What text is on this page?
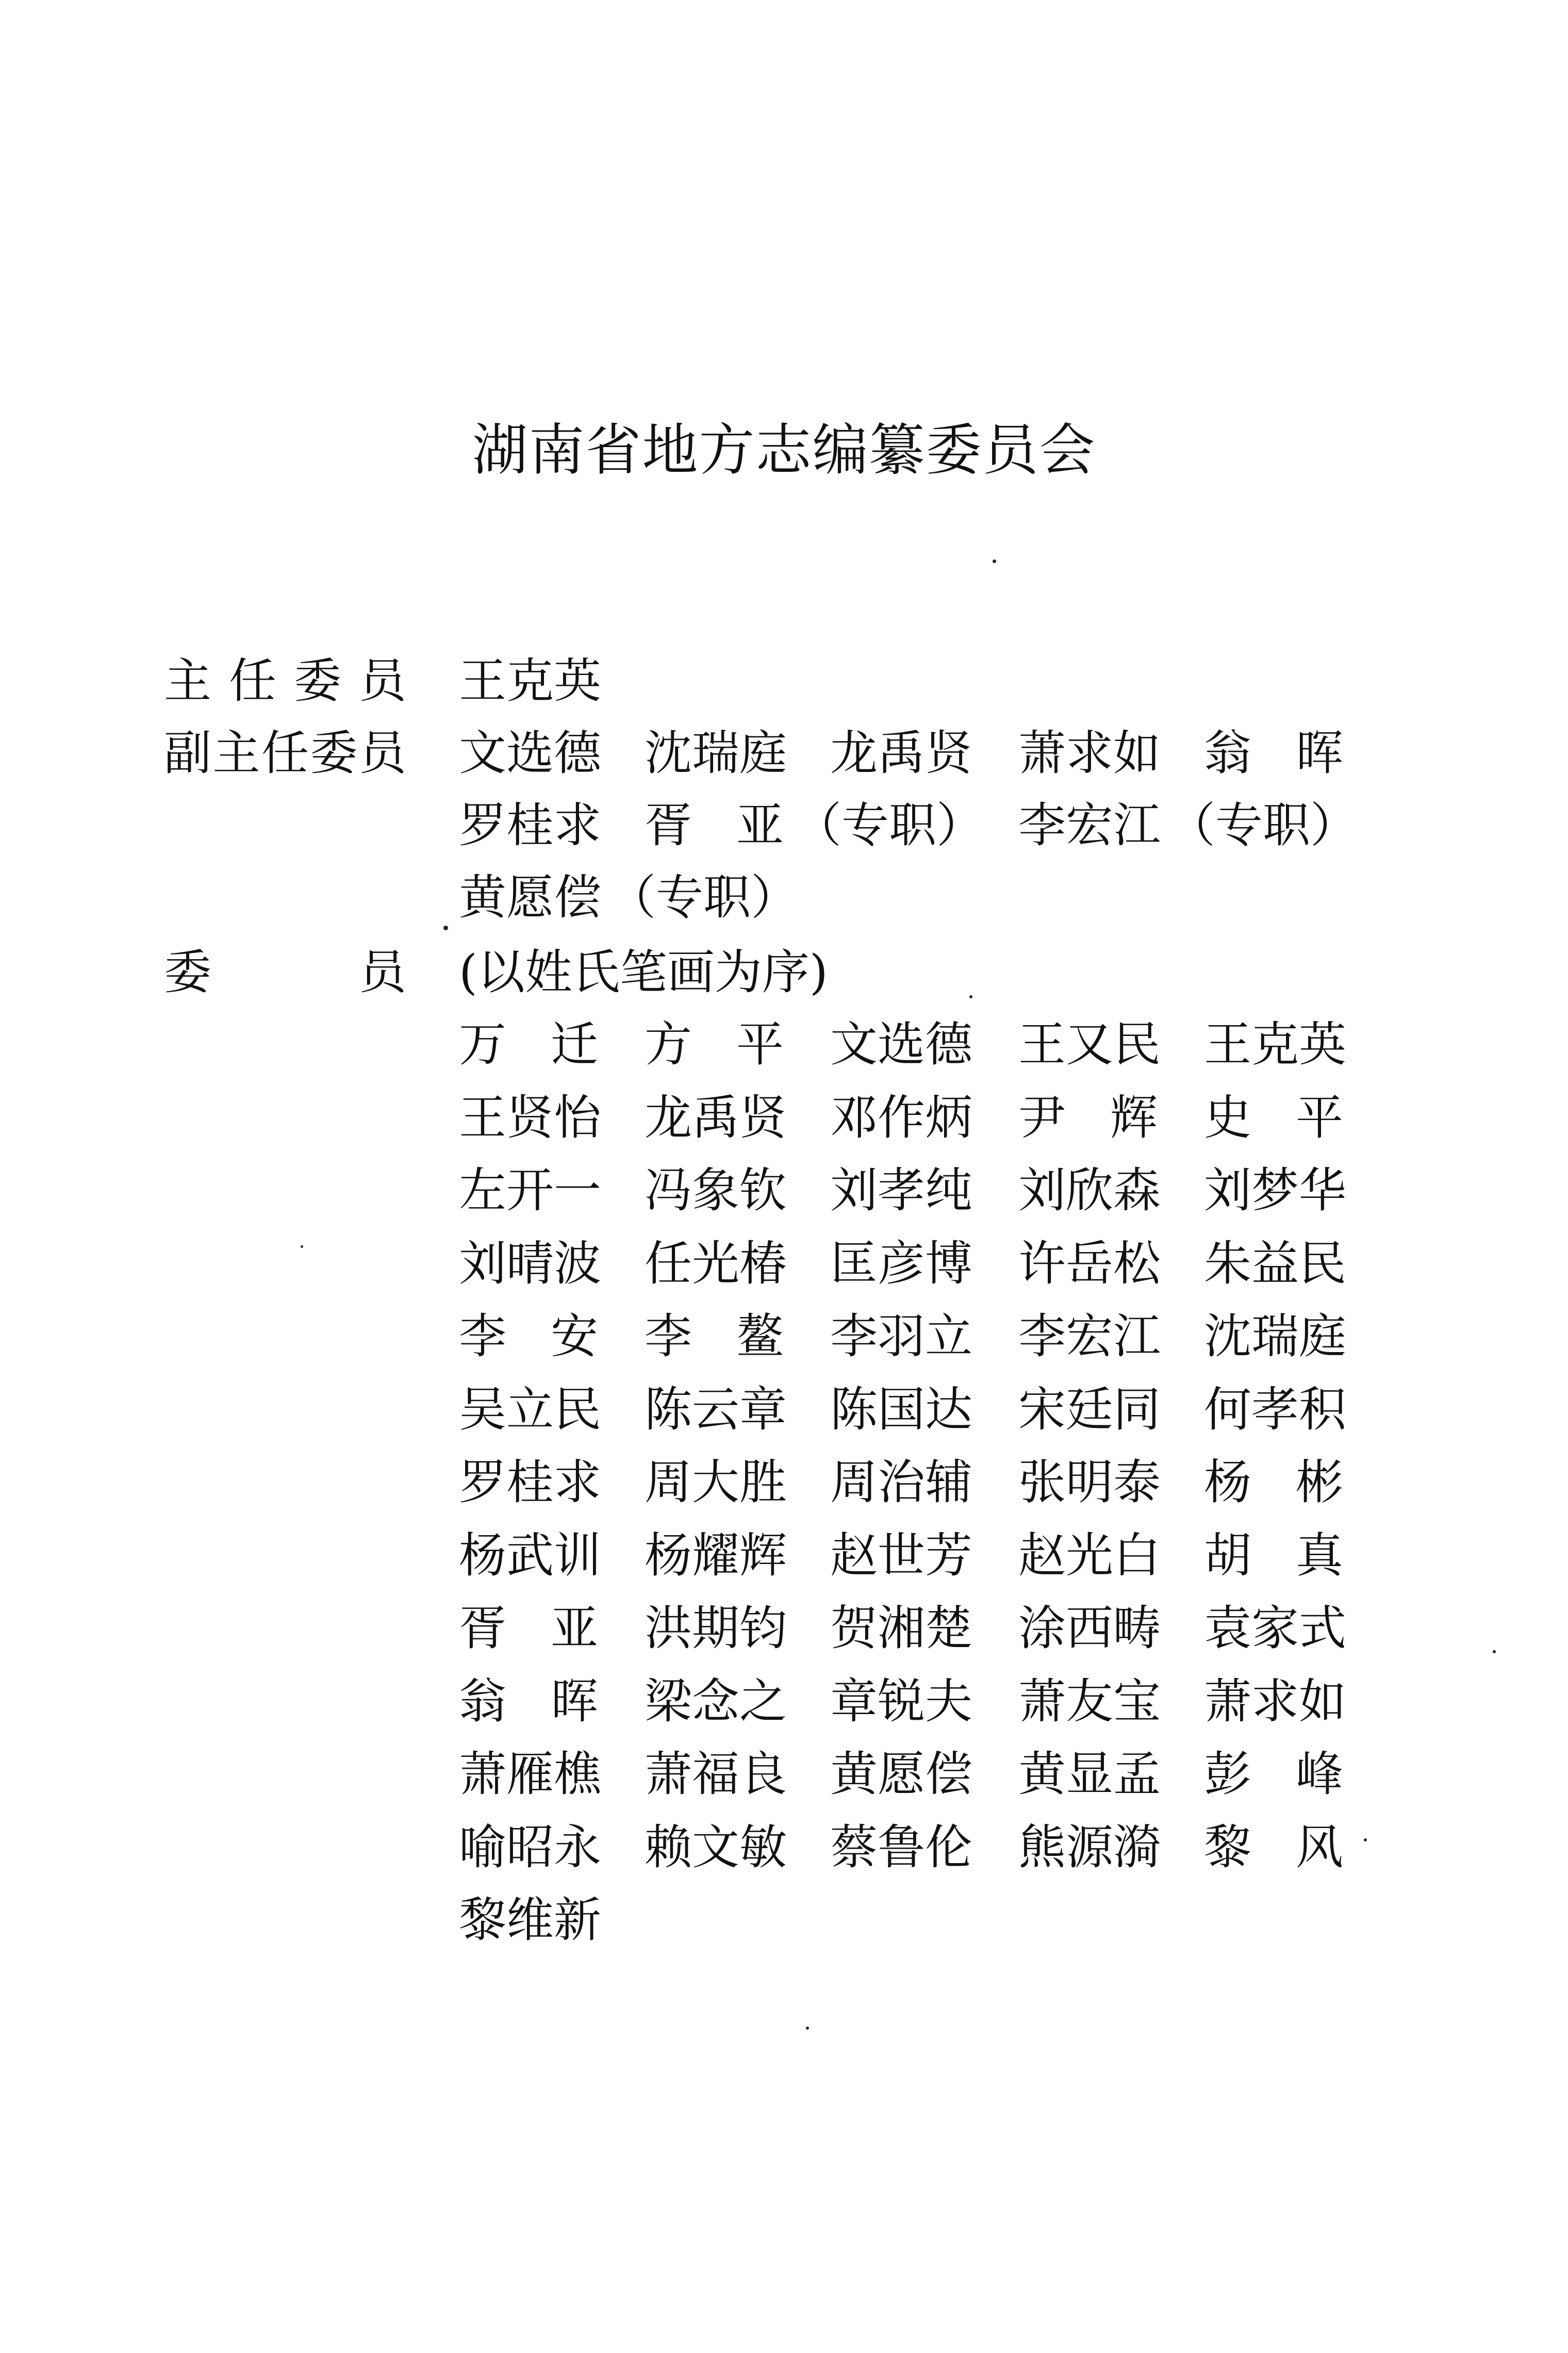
湖南省地方志编纂委员会
主 任 委 员 王 克 英
副 主 任 委 员 文 选 德 沈 瑞 庭 龙 禹 贤 萧 求 如 翁 晖
罗 桂 求 胥 亚 （专职） 李 宏 江 （专职）
黄 愿 偿 （专职）
委	员 (以姓氏笔画为序)
万 迁 方 平 文 选 德 王 又 民 王 克 英
王 贤 怡 龙 禹 贤 邓 作 炳 尹 辉 史 平
左 开 一 冯 象 钦 刘 孝 纯 刘 欣 森 刘 梦 华
刘 晴 波 任 光 椿 匡 彦 博 许 岳 松 朱 益 民
李 安 李 鳌 李 羽 立 李 宏 江 沈 瑞 庭
吴 立 民 陈 云 章 陈 国 达 宋 廷 同 何 孝 积
罗 桂 求 周 大 胜 周 治 辅 张 明 泰 杨 彬
杨 武 训 杨 耀 辉 赵 世 芳 赵 光 白 胡 真
胥 亚 洪 期 钧 贺 湘 楚 涂 西 畴 袁 家 式
翁 晖 梁 念 之 章 锐 夫 萧 友 宝 萧 求 如
萧 雁 樵 萧 福 良 黄 愿 偿 黄 显 孟 彭 峰
喻 昭 永 赖 文 敏 蔡 鲁 伦 熊 源 漪 黎 风
黎 维 新
